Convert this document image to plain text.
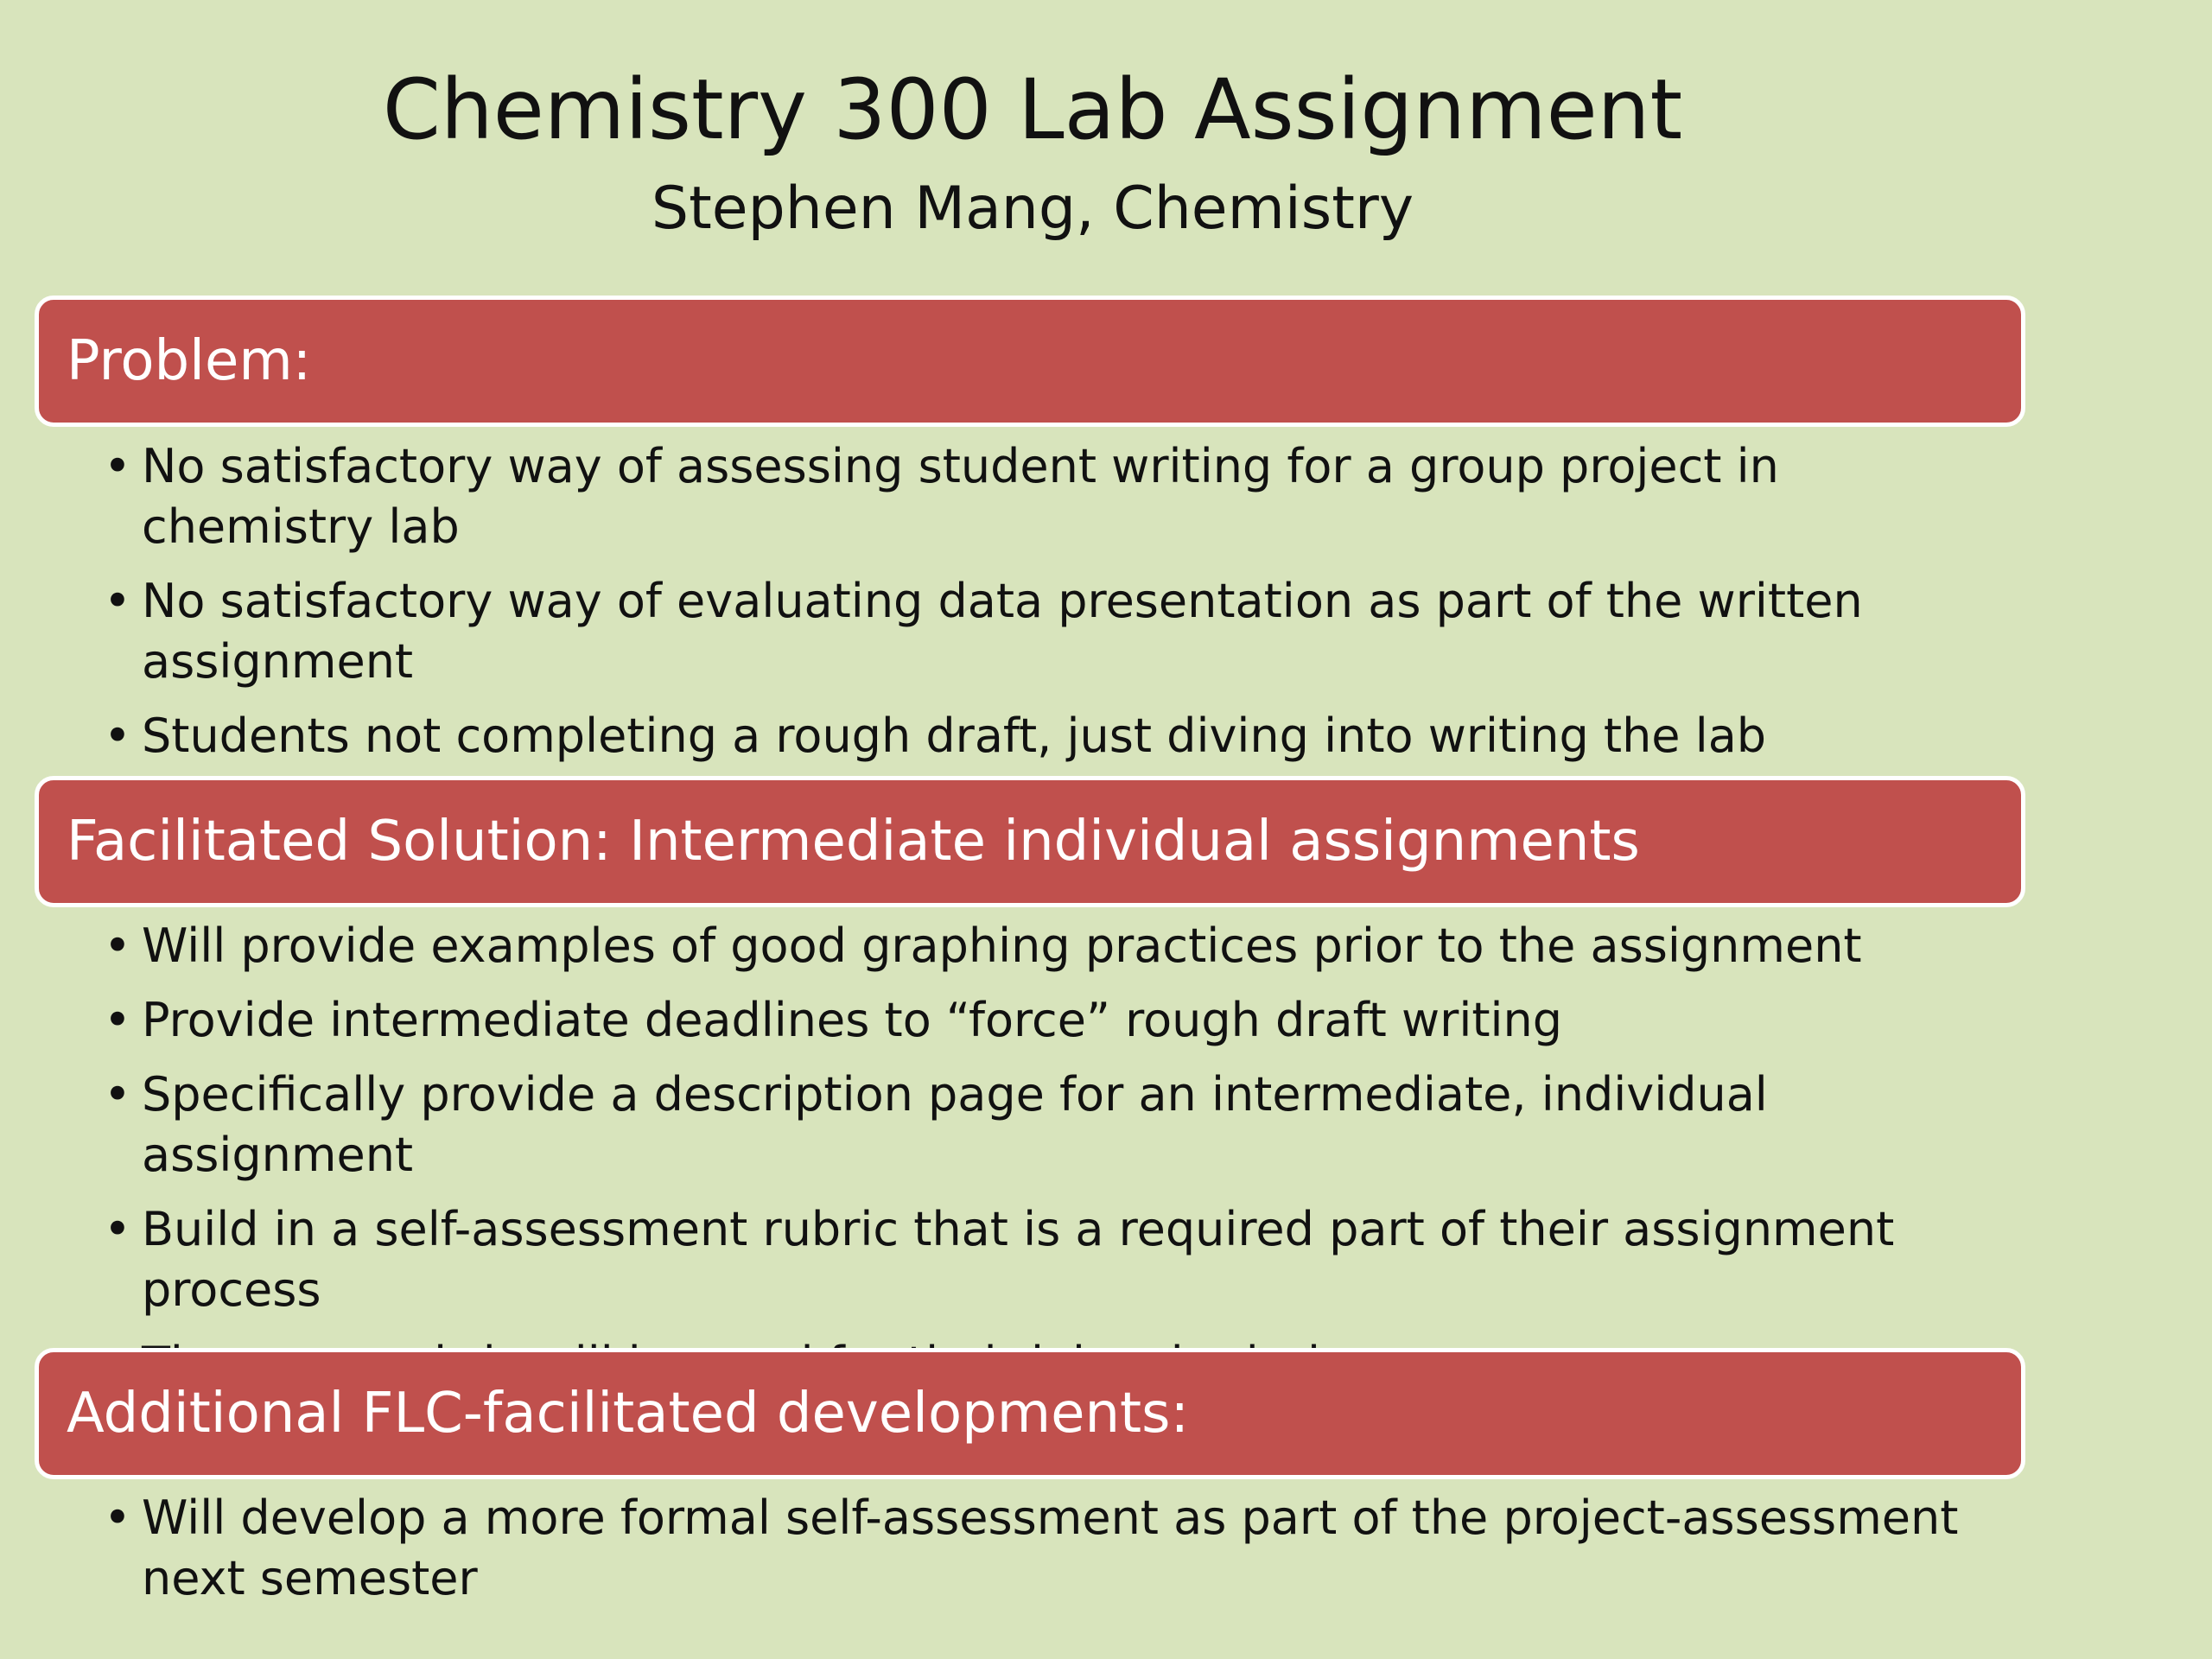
Chemistry 300 Lab Assignment
Stephen Mang, Chemistry
Problem:
• No satisfactory way of assessing student writing for a group project in chemistry lab
• No satisfactory way of evaluating data presentation as part of the written assignment
• Students not completing a rough draft, just diving into writing the lab
Facilitated Solution: Intermediate individual assignments
• Will provide examples of good graphing practices prior to the assignment
• Provide intermediate deadlines to “force” rough draft writing
• Specifically provide a description page for an intermediate, individual assignment
• Build in a self-assessment rubric that is a required part of their assignment process
•
Additional FLC-facilitated developments:
• Will develop a more formal self-assessment as part of the project-assessment next semester
